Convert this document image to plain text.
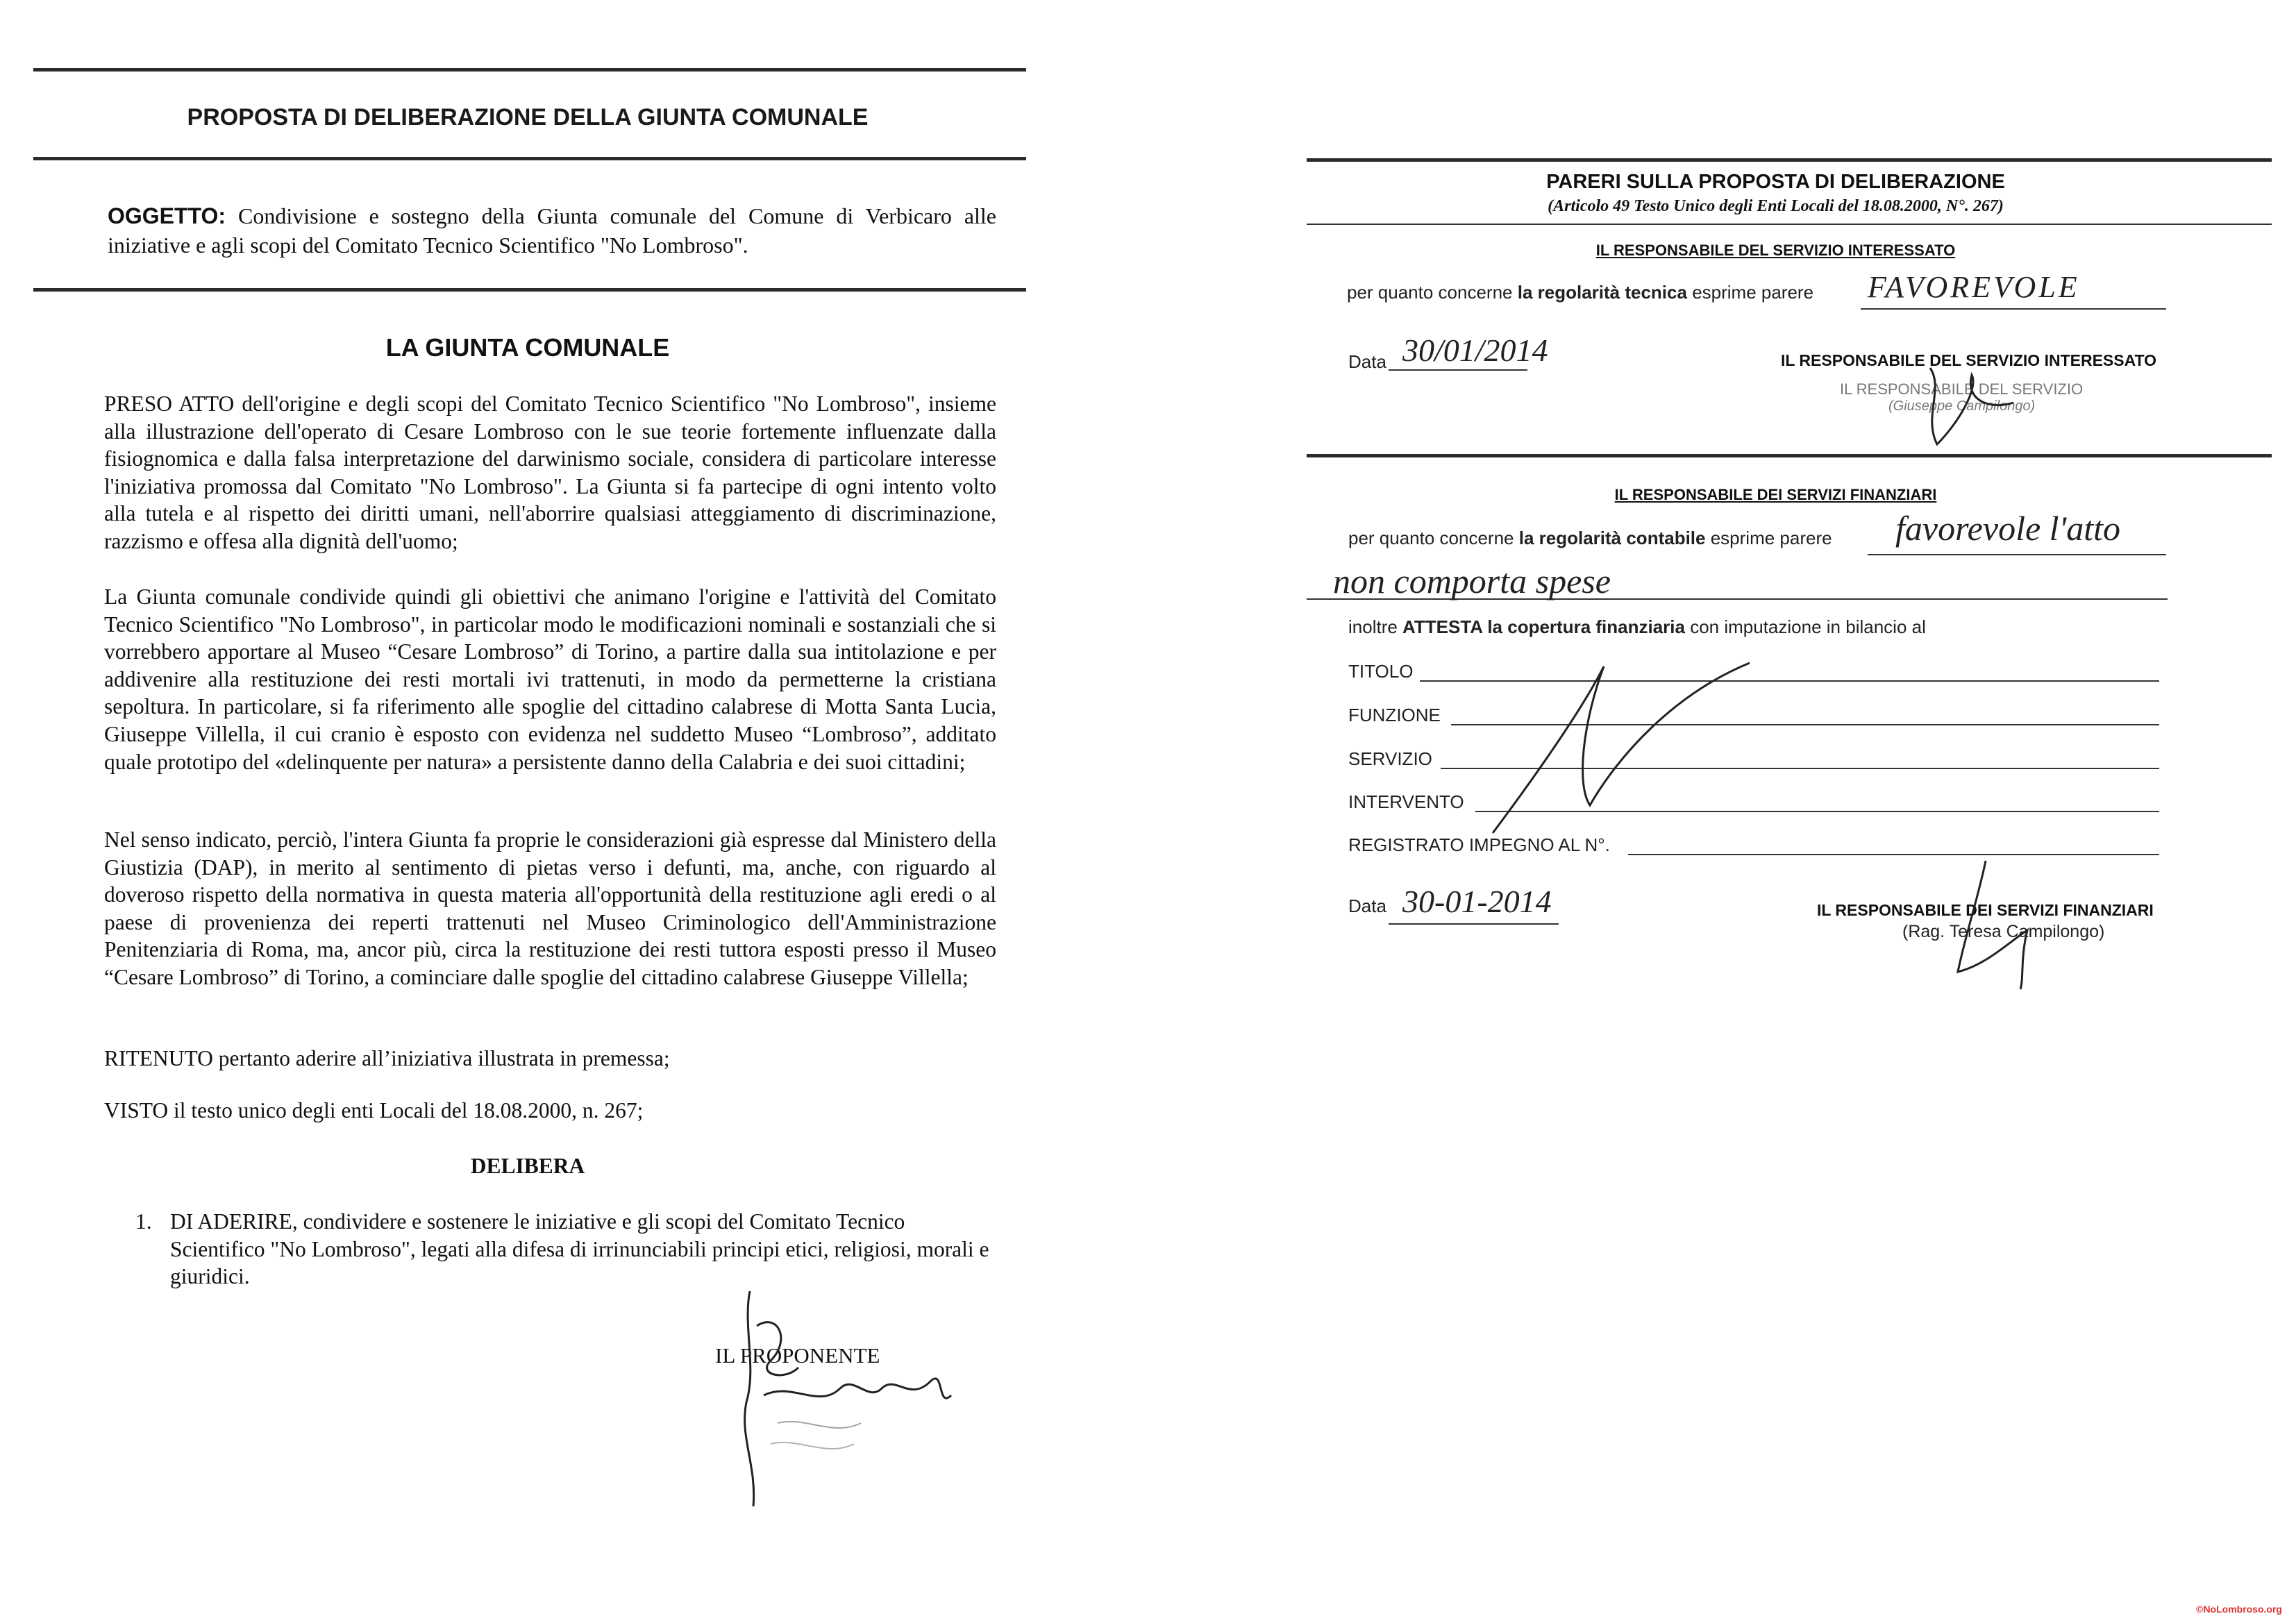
PROPOSTA DI DELIBERAZIONE DELLA GIUNTA COMUNALE
OGGETTO: Condivisione e sostegno della Giunta comunale del Comune di Verbicaro alle iniziative e agli scopi del Comitato Tecnico Scientifico "No Lombroso".
LA GIUNTA COMUNALE
PRESO ATTO dell'origine e degli scopi del Comitato Tecnico Scientifico "No Lombroso", insieme alla illustrazione dell'operato di Cesare Lombroso con le sue teorie fortemente influenzate dalla fisiognomica e dalla falsa interpretazione del darwinismo sociale, considera di particolare interesse l'iniziativa promossa dal Comitato "No Lombroso". La Giunta si fa partecipe di ogni intento volto alla tutela e al rispetto dei diritti umani, nell'aborrire qualsiasi atteggiamento di discriminazione, razzismo e offesa alla dignità dell'uomo;
La Giunta comunale condivide quindi gli obiettivi che animano l'origine e l'attività del Comitato Tecnico Scientifico "No Lombroso", in particolar modo le modificazioni nominali e sostanziali che si vorrebbero apportare al Museo “Cesare Lombroso” di Torino, a partire dalla sua intitolazione e per addivenire alla restituzione dei resti mortali ivi trattenuti, in modo da permetterne la cristiana sepoltura. In particolare, si fa riferimento alle spoglie del cittadino calabrese di Motta Santa Lucia, Giuseppe Villella, il cui cranio è esposto con evidenza nel suddetto Museo “Lombroso”, additato quale prototipo del «delinquente per natura» a persistente danno della Calabria e dei suoi cittadini;
Nel senso indicato, perciò, l'intera Giunta fa proprie le considerazioni già espresse dal Ministero della Giustizia (DAP), in merito al sentimento di pietas verso i defunti, ma, anche, con riguardo al doveroso rispetto della normativa in questa materia all'opportunità della restituzione agli eredi o al paese di provenienza dei reperti trattenuti nel Museo Criminologico dell'Amministrazione Penitenziaria di Roma, ma, ancor più, circa la restituzione dei resti tuttora esposti presso il Museo “Cesare Lombroso” di Torino, a cominciare dalle spoglie del cittadino calabrese Giuseppe Villella;
RITENUTO pertanto aderire all’iniziativa illustrata in premessa;
VISTO il testo unico degli enti Locali del 18.08.2000, n. 267;
DELIBERA
1. DI ADERIRE, condividere e sostenere le iniziative e gli scopi del Comitato Tecnico Scientifico "No Lombroso", legati alla difesa di irrinunciabili principi etici, religiosi, morali e giuridici.
IL PROPONENTE
PARERI SULLA PROPOSTA DI DELIBERAZIONE
(Articolo 49 Testo Unico degli Enti Locali del 18.08.2000, N°. 267)
IL RESPONSABILE DEL SERVIZIO INTERESSATO
per quanto concerne la regolarità tecnica esprime parere FAVOREVOLE
Data 30/01/2014	IL RESPONSABILE DEL SERVIZIO INTERESSATO
IL RESPONSABILE DEL SERVIZIO
(Giuseppe Campilongo)
IL RESPONSABILE DEI SERVIZI FINANZIARI
per quanto concerne la regolarità contabile esprime parere favorevole l'atto
non comporta spese
inoltre ATTESTA la copertura finanziaria con imputazione in bilancio al
TITOLO
FUNZIONE
SERVIZIO
INTERVENTO
REGISTRATO IMPEGNO AL N°.
Data 30-01-2014	IL RESPONSABILE DEI SERVIZI FINANZIARI
(Rag. Teresa Campilongo)
©NoLombroso.org
